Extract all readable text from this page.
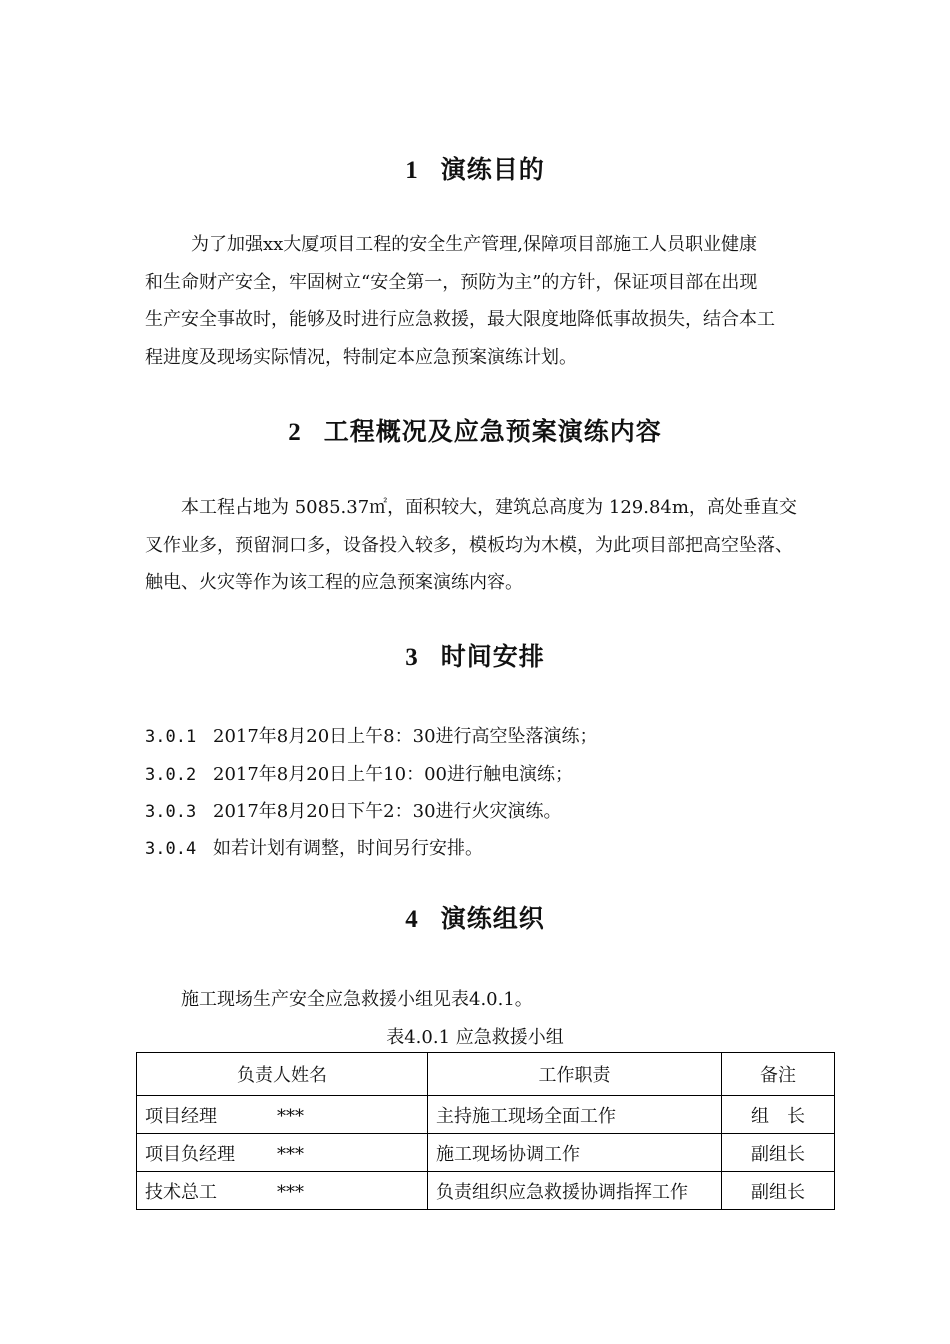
1 演练目的
为了加强xx大厦项目工程的安全生产管理,保障项目部施工人员职业健康
和生命财产安全，牢固树立“安全第一，预防为主”的方针，保证项目部在出现
生产安全事故时，能够及时进行应急救援，最大限度地降低事故损失，结合本工
程进度及现场实际情况，特制定本应急预案演练计划。
2 工程概况及应急预案演练内容
本工程占地为 5085.37㎡，面积较大，建筑总高度为 129.84m，高处垂直交
叉作业多，预留洞口多，设备投入较多，模板均为木模，为此项目部把高空坠落、
触电、火灾等作为该工程的应急预案演练内容。
3 时间安排
3.0.1 2017年8月20日上午8：30进行高空坠落演练；
3.0.2 2017年8月20日上午10：00进行触电演练；
3.0.3 2017年8月20日下午2：30进行火灾演练。
3.0.4 如若计划有调整，时间另行安排。
4 演练组织
施工现场生产安全应急救援小组见表4.0.1。
表4.0.1 应急救援小组
负责人姓名	工作职责	备注
项目经理 ***	主持施工现场全面工作	组　长
项目负经理 ***	施工现场协调工作	副组长
技术总工 ***	负责组织应急救援协调指挥工作	副组长
